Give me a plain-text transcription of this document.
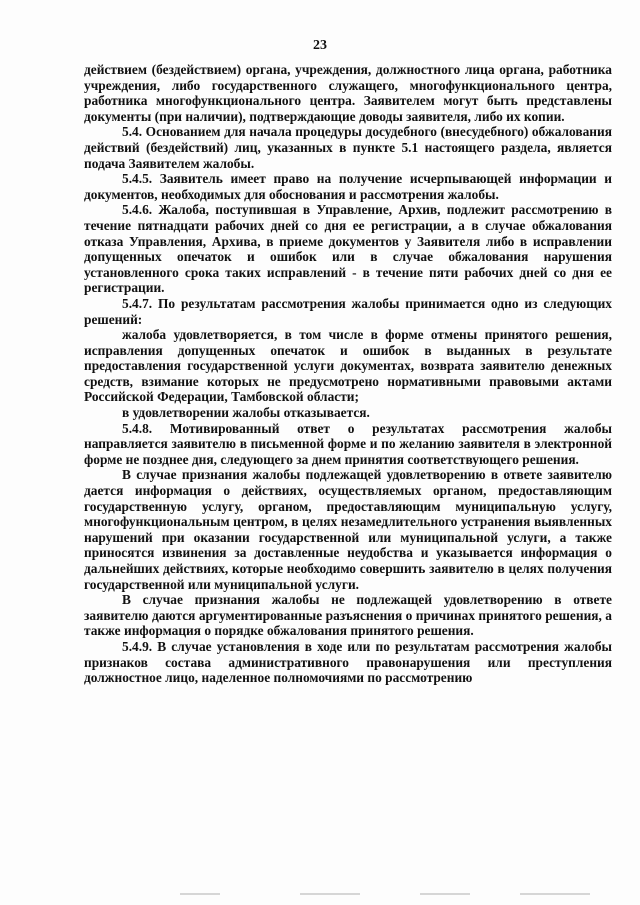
23

действием (бездействием) органа, учреждения, должностного лица органа, работника учреждения, либо государственного служащего, многофункционального центра, работника многофункционального центра. Заявителем могут быть представлены документы (при наличии), подтверждающие доводы заявителя, либо их копии.

5.4. Основанием для начала процедуры досудебного (внесудебного) обжалования действий (бездействий) лиц, указанных в пункте 5.1 настоящего раздела, является подача Заявителем жалобы.

5.4.5. Заявитель имеет право на получение исчерпывающей информации и документов, необходимых для обоснования и рассмотрения жалобы.

5.4.6. Жалоба, поступившая в Управление, Архив, подлежит рассмотрению в течение пятнадцати рабочих дней со дня ее регистрации, а в случае обжалования отказа Управления, Архива, в приеме документов у Заявителя либо в исправлении допущенных опечаток и ошибок или в случае обжалования нарушения установленного срока таких исправлений - в течение пяти рабочих дней со дня ее регистрации.

5.4.7. По результатам рассмотрения жалобы принимается одно из следующих решений:

жалоба удовлетворяется, в том числе в форме отмены принятого решения, исправления допущенных опечаток и ошибок в выданных в результате предоставления государственной услуги документах, возврата заявителю денежных средств, взимание которых не предусмотрено нормативными правовыми актами Российской Федерации, Тамбовской области;

в удовлетворении жалобы отказывается.

5.4.8. Мотивированный ответ о результатах рассмотрения жалобы направляется заявителю в письменной форме и по желанию заявителя в электронной форме не позднее дня, следующего за днем принятия соответствующего решения.

В случае признания жалобы подлежащей удовлетворению в ответе заявителю дается информация о действиях, осуществляемых органом, предоставляющим государственную услугу, органом, предоставляющим муниципальную услугу, многофункциональным центром, в целях незамедлительного устранения выявленных нарушений при оказании государственной или муниципальной услуги, а также приносятся извинения за доставленные неудобства и указывается информация о дальнейших действиях, которые необходимо совершить заявителю в целях получения государственной или муниципальной услуги.

В случае признания жалобы не подлежащей удовлетворению в ответе заявителю даются аргументированные разъяснения о причинах принятого решения, а также информация о порядке обжалования принятого решения.

5.4.9. В случае установления в ходе или по результатам рассмотрения жалобы признаков состава административного правонарушения или преступления должностное лицо, наделенное полномочиями по рассмотрению
